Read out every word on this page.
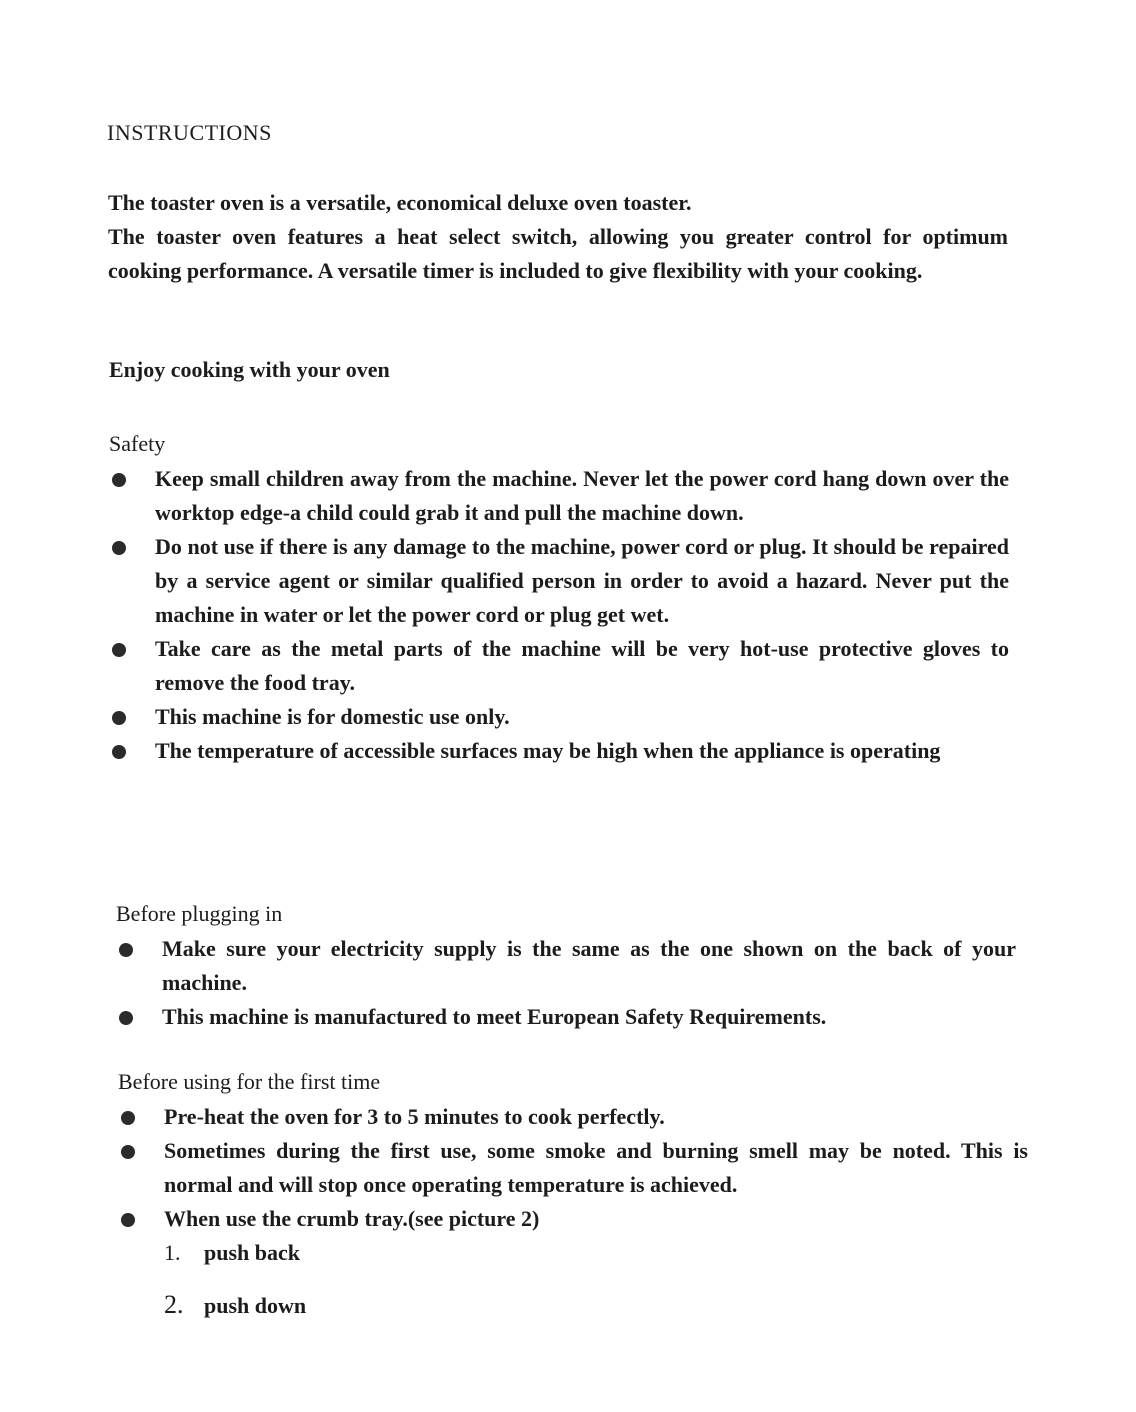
INSTRUCTIONS

The toaster oven is a versatile, economical deluxe oven toaster.

The toaster oven features a heat select switch, allowing you greater control for optimum cooking performance. A versatile timer is included to give flexibility with your cooking.

Enjoy cooking with your oven

Safety
Keep small children away from the machine. Never let the power cord hang down over the worktop edge-a child could grab it and pull the machine down.
Do not use if there is any damage to the machine, power cord or plug. It should be repaired by a service agent or similar qualified person in order to avoid a hazard. Never put the machine in water or let the power cord or plug get wet.
Take care as the metal parts of the machine will be very hot-use protective gloves to remove the food tray.
This machine is for domestic use only.
The temperature of accessible surfaces may be high when the appliance is operating
Before plugging in
Make sure your electricity supply is the same as the one shown on the back of your machine.
This machine is manufactured to meet European Safety Requirements.
Before using for the first time
Pre-heat the oven for 3 to 5 minutes to cook perfectly.
Sometimes during the first use, some smoke and burning smell may be noted. This is normal and will stop once operating temperature is achieved.
When use the crumb tray.(see picture 2)
1. push back
2. push down
